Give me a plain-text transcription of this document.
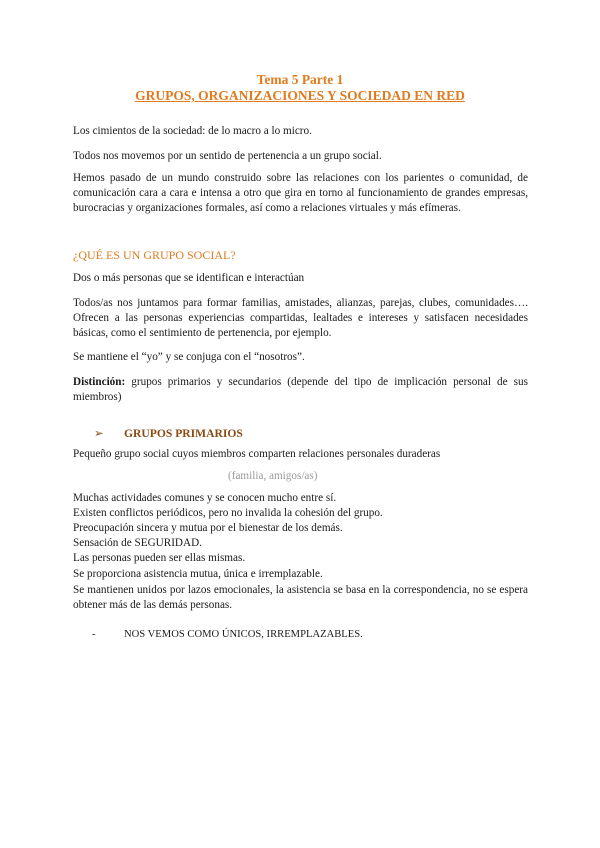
Tema 5 Parte 1
GRUPOS, ORGANIZACIONES Y SOCIEDAD EN RED

Los cimientos de la sociedad: de lo macro a lo micro.

Todos nos movemos por un sentido de pertenencia a un grupo social.

Hemos pasado de un mundo construido sobre las relaciones con los parientes o comunidad, de comunicación cara a cara e intensa a otro que gira en torno al funcionamiento de grandes empresas, burocracias y organizaciones formales, así como a relaciones virtuales y más efímeras.

¿QUÉ ES UN GRUPO SOCIAL?

Dos o más personas que se identifican e interactúan

Todos/as nos juntamos para formar familias, amistades, alianzas, parejas, clubes, comunidades…. Ofrecen a las personas experiencias compartidas, lealtades e intereses y satisfacen necesidades básicas, como el sentimiento de pertenencia, por ejemplo.

Se mantiene el “yo” y se conjuga con el “nosotros”.

Distinción: grupos primarios y secundarios (depende del tipo de implicación personal de sus miembros)

➢	GRUPOS PRIMARIOS

Pequeño grupo social cuyos miembros comparten relaciones personales duraderas

(familia, amigos/as)

Muchas actividades comunes y se conocen mucho entre sí.

Existen conflictos periódicos, pero no invalida la cohesión del grupo.

Preocupación sincera y mutua por el bienestar de los demás.

Sensación de SEGURIDAD.

Las personas pueden ser ellas mismas.

Se proporciona asistencia mutua, única e irremplazable.

Se mantienen unidos por lazos emocionales, la asistencia se basa en la correspondencia, no se espera obtener más de las demás personas.

-	NOS VEMOS COMO ÚNICOS, IRREMPLAZABLES.
